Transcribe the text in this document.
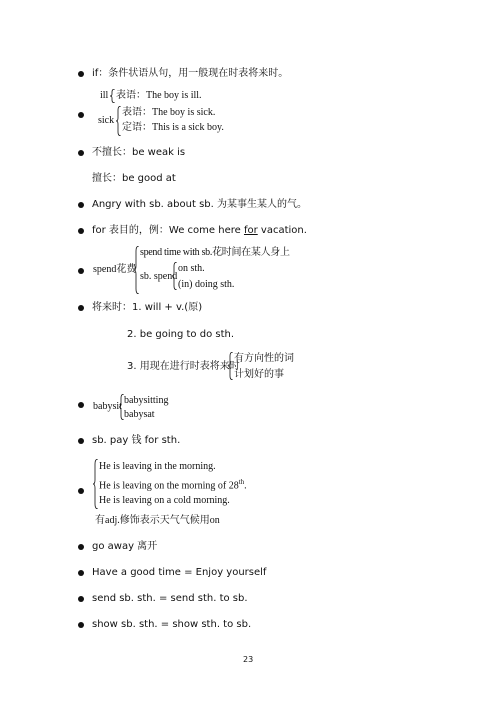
if：条件状语从句，用一般现在时表将来时。
ill 表语：The boy is ill.
sick
表语：The boy is sick.
定语：This is a sick boy.
不擅长：be weak is
擅长：be good at
Angry with sb. about sb. 为某事生某人的气。
for 表目的，例：We come here for vacation.
spend花费
spend time with sb.花时间在某人身上
sb. spend
on sth.
(in) doing sth.
将来时：1. will + v.(原)
2. be going to do sth.
3. 用现在进行时表将来时
有方向性的词
计划好的事
babysit
babysitting
babysat
sb. pay 钱 for sth.
He is leaving in the morning.
He is leaving on the morning of 28th.
He is leaving on a cold morning.
有adj.修饰表示天气气候用on
go away 离开
Have a good time = Enjoy yourself
send sb. sth. = send sth. to sb.
show sb. sth. = show sth. to sb.
23
